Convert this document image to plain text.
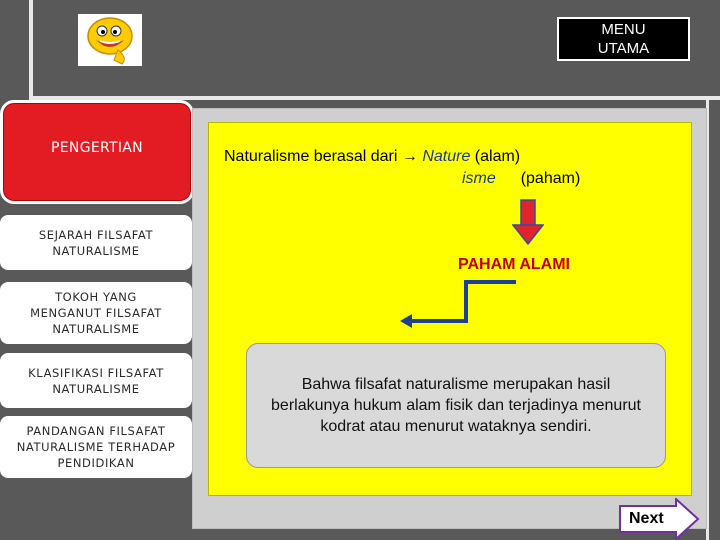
MENU
UTAMA
PENGERTIAN
SEJARAH FILSAFAT
NATURALISME
TOKOH YANG
MENGANUT FILSAFAT
NATURALISME
KLASIFIKASI FILSAFAT
NATURALISME
PANDANGAN FILSAFAT
NATURALISME TERHADAP
PENDIDIKAN
Naturalisme berasal dari → Nature (alam)
isme (paham)
PAHAM ALAMI
Bahwa filsafat naturalisme merupakan hasil berlakunya hukum alam fisik dan terjadinya menurut kodrat atau menurut wataknya sendiri.
Next
